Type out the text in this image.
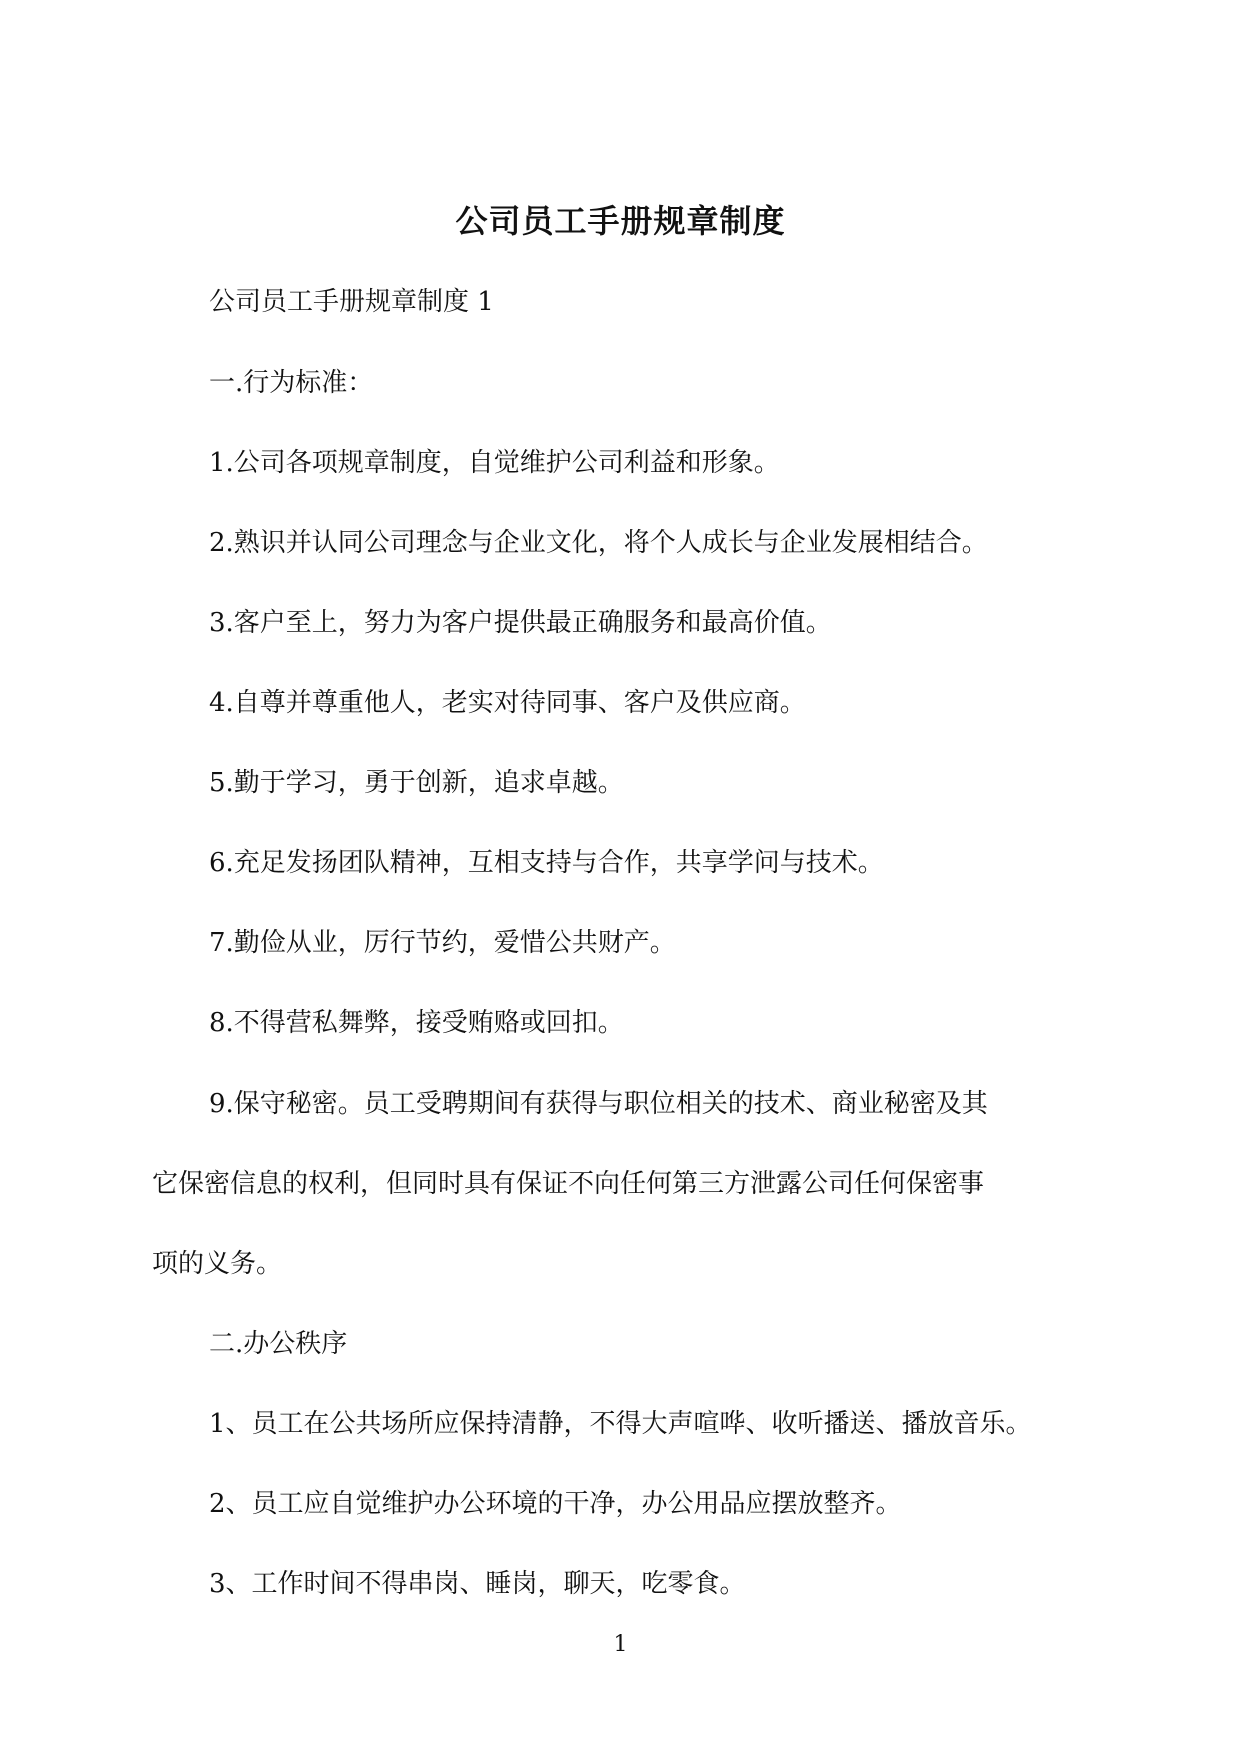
公司员工手册规章制度
公司员工手册规章制度 1
一.行为标准：
1.公司各项规章制度，自觉维护公司利益和形象。
2.熟识并认同公司理念与企业文化，将个人成长与企业发展相结合。
3.客户至上，努力为客户提供最正确服务和最高价值。
4.自尊并尊重他人，老实对待同事、客户及供应商。
5.勤于学习，勇于创新，追求卓越。
6.充足发扬团队精神，互相支持与合作，共享学问与技术。
7.勤俭从业，厉行节约，爱惜公共财产。
8.不得营私舞弊，接受贿赂或回扣。
9.保守秘密。员工受聘期间有获得与职位相关的技术、商业秘密及其
它保密信息的权利，但同时具有保证不向任何第三方泄露公司任何保密事
项的义务。
二.办公秩序
1、员工在公共场所应保持清静，不得大声喧哗、收听播送、播放音乐。
2、员工应自觉维护办公环境的干净，办公用品应摆放整齐。
3、工作时间不得串岗、睡岗，聊天，吃零食。
1
